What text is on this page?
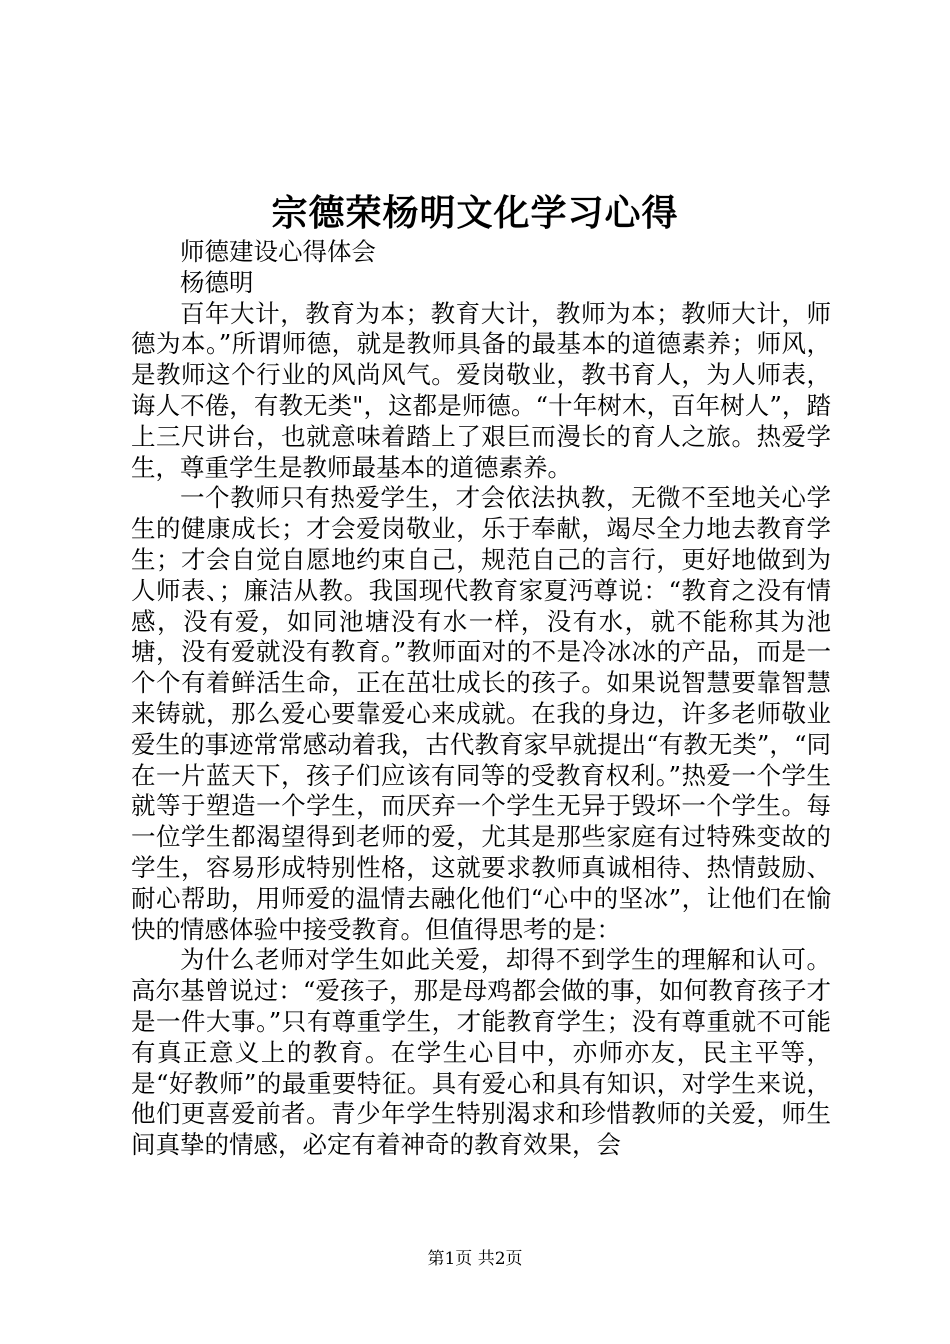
宗德荣杨明文化学习心得

师德建设心得体会

杨德明

百年大计，教育为本；教育大计，教师为本；教师大计，师德为本。”所谓师德，就是教师具备的最基本的道德素养；师风，是教师这个行业的风尚风气。爱岗敬业，教书育人，为人师表，诲人不倦，有教无类"，这都是师德。“十年树木，百年树人”，踏上三尺讲台，也就意味着踏上了艰巨而漫长的育人之旅。热爱学生，尊重学生是教师最基本的道德素养。

一个教师只有热爱学生，才会依法执教，无微不至地关心学生的健康成长；才会爱岗敬业，乐于奉献，竭尽全力地去教育学生；才会自觉自愿地约束自己，规范自己的言行，更好地做到为人师表、；廉洁从教。我国现代教育家夏沔尊说：“教育之没有情感，没有爱，如同池塘没有水一样，没有水，就不能称其为池塘，没有爱就没有教育。”教师面对的不是冷冰冰的产品，而是一个个有着鲜活生命，正在茁壮成长的孩子。如果说智慧要靠智慧来铸就，那么爱心要靠爱心来成就。在我的身边，许多老师敬业爱生的事迹常常感动着我，古代教育家早就提出“有教无类”，“同在一片蓝天下，孩子们应该有同等的受教育权利。”热爱一个学生就等于塑造一个学生，而厌弃一个学生无异于毁坏一个学生。每一位学生都渴望得到老师的爱，尤其是那些家庭有过特殊变故的学生，容易形成特别性格，这就要求教师真诚相待、热情鼓励、耐心帮助，用师爱的温情去融化他们“心中的坚冰”，让他们在愉快的情感体验中接受教育。但值得思考的是：

为什么老师对学生如此关爱，却得不到学生的理解和认可。高尔基曾说过：“爱孩子，那是母鸡都会做的事，如何教育孩子才是一件大事。”只有尊重学生，才能教育学生；没有尊重就不可能有真正意义上的教育。在学生心目中，亦师亦友，民主平等，是“好教师”的最重要特征。具有爱心和具有知识，对学生来说，他们更喜爱前者。青少年学生特别渴求和珍惜教师的关爱，师生间真挚的情感，必定有着神奇的教育效果，会

第1页 共2页
